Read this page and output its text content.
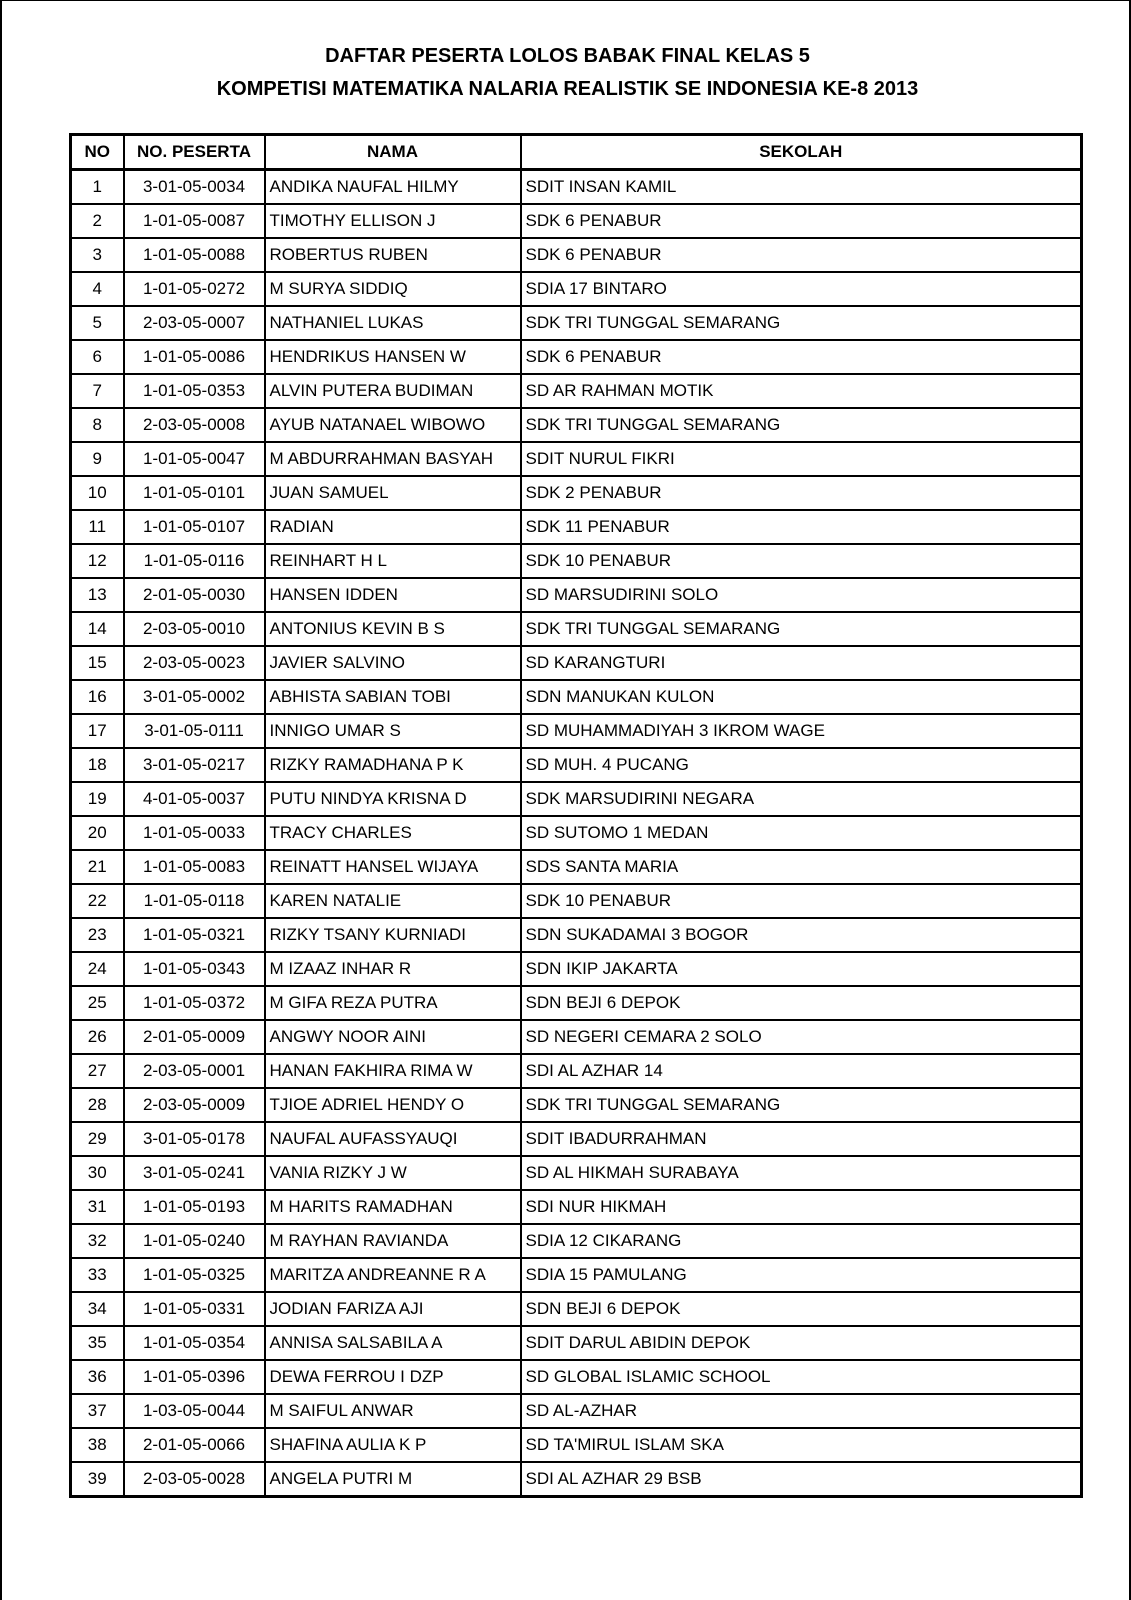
DAFTAR PESERTA LOLOS BABAK FINAL KELAS 5
KOMPETISI MATEMATIKA NALARIA REALISTIK SE INDONESIA KE-8 2013
NO	NO. PESERTA	NAMA	SEKOLAH
1	3-01-05-0034	ANDIKA NAUFAL HILMY	SDIT INSAN KAMIL
2	1-01-05-0087	TIMOTHY ELLISON J	SDK 6 PENABUR
3	1-01-05-0088	ROBERTUS RUBEN	SDK 6 PENABUR
4	1-01-05-0272	M SURYA SIDDIQ	SDIA 17 BINTARO
5	2-03-05-0007	NATHANIEL LUKAS	SDK TRI TUNGGAL SEMARANG
6	1-01-05-0086	HENDRIKUS HANSEN W	SDK 6 PENABUR
7	1-01-05-0353	ALVIN PUTERA BUDIMAN	SD AR RAHMAN MOTIK
8	2-03-05-0008	AYUB NATANAEL WIBOWO	SDK TRI TUNGGAL SEMARANG
9	1-01-05-0047	M ABDURRAHMAN BASYAH	SDIT NURUL FIKRI
10	1-01-05-0101	JUAN SAMUEL	SDK 2 PENABUR
11	1-01-05-0107	RADIAN	SDK 11 PENABUR
12	1-01-05-0116	REINHART H L	SDK 10 PENABUR
13	2-01-05-0030	HANSEN IDDEN	SD MARSUDIRINI SOLO
14	2-03-05-0010	ANTONIUS KEVIN B S	SDK TRI TUNGGAL SEMARANG
15	2-03-05-0023	JAVIER SALVINO	SD KARANGTURI
16	3-01-05-0002	ABHISTA SABIAN TOBI	SDN MANUKAN KULON
17	3-01-05-0111	INNIGO UMAR S	SD MUHAMMADIYAH 3 IKROM WAGE
18	3-01-05-0217	RIZKY RAMADHANA P K	SD MUH. 4 PUCANG
19	4-01-05-0037	PUTU NINDYA KRISNA D	SDK MARSUDIRINI NEGARA
20	1-01-05-0033	TRACY CHARLES	SD SUTOMO 1 MEDAN
21	1-01-05-0083	REINATT HANSEL WIJAYA	SDS SANTA MARIA
22	1-01-05-0118	KAREN NATALIE	SDK 10 PENABUR
23	1-01-05-0321	RIZKY TSANY KURNIADI	SDN SUKADAMAI 3 BOGOR
24	1-01-05-0343	M IZAAZ INHAR R	SDN IKIP JAKARTA
25	1-01-05-0372	M GIFA REZA PUTRA	SDN BEJI 6 DEPOK
26	2-01-05-0009	ANGWY NOOR AINI	SD NEGERI CEMARA 2 SOLO
27	2-03-05-0001	HANAN FAKHIRA RIMA W	SDI AL AZHAR 14
28	2-03-05-0009	TJIOE ADRIEL HENDY O	SDK TRI TUNGGAL SEMARANG
29	3-01-05-0178	NAUFAL AUFASSYAUQI	SDIT IBADURRAHMAN
30	3-01-05-0241	VANIA RIZKY J W	SD AL HIKMAH SURABAYA
31	1-01-05-0193	M HARITS RAMADHAN	SDI NUR HIKMAH
32	1-01-05-0240	M RAYHAN RAVIANDA	SDIA 12 CIKARANG
33	1-01-05-0325	MARITZA ANDREANNE R A	SDIA 15 PAMULANG
34	1-01-05-0331	JODIAN FARIZA AJI	SDN BEJI 6 DEPOK
35	1-01-05-0354	ANNISA SALSABILA A	SDIT DARUL ABIDIN DEPOK
36	1-01-05-0396	DEWA FERROU I DZP	SD GLOBAL ISLAMIC SCHOOL
37	1-03-05-0044	M SAIFUL ANWAR	SD AL-AZHAR
38	2-01-05-0066	SHAFINA AULIA K P	SD TA'MIRUL ISLAM SKA
39	2-03-05-0028	ANGELA PUTRI M	SDI AL AZHAR 29 BSB
